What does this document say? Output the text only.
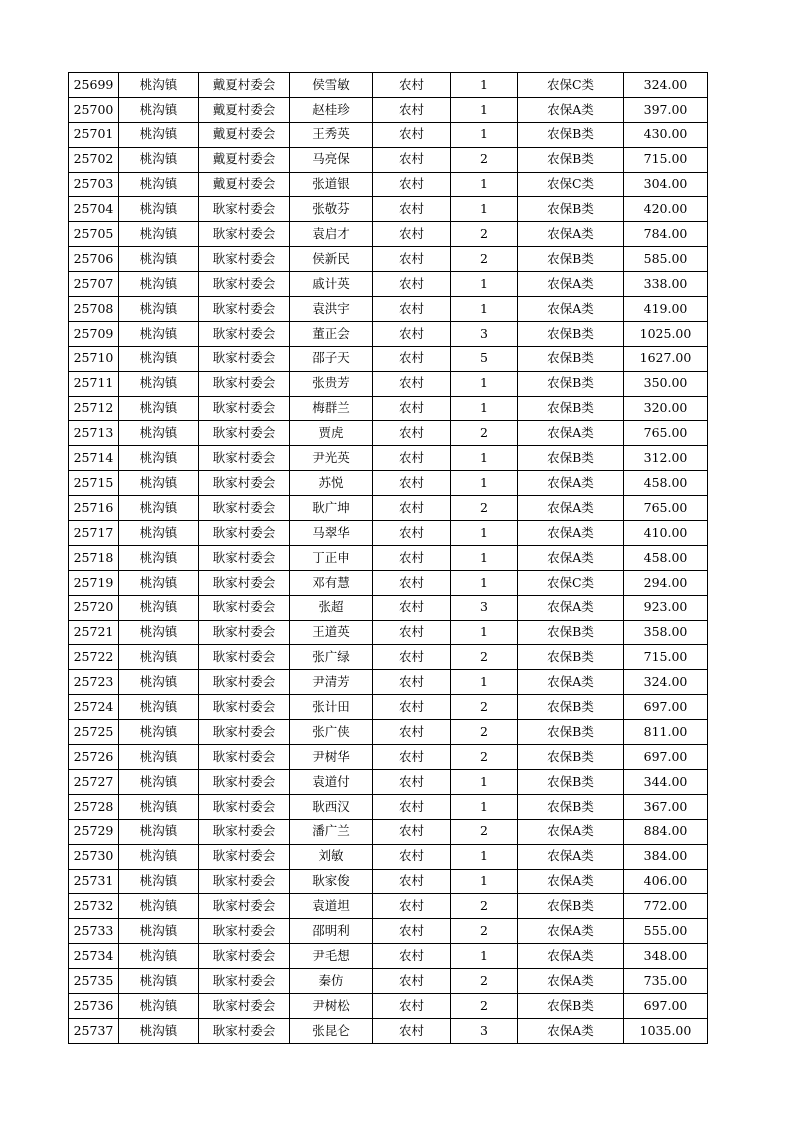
25699	桃沟镇	戴夏村委会	侯雪敏	农村	1	农保C类	324.00
25700	桃沟镇	戴夏村委会	赵桂珍	农村	1	农保A类	397.00
25701	桃沟镇	戴夏村委会	王秀英	农村	1	农保B类	430.00
25702	桃沟镇	戴夏村委会	马亮保	农村	2	农保B类	715.00
25703	桃沟镇	戴夏村委会	张道银	农村	1	农保C类	304.00
25704	桃沟镇	耿家村委会	张敬芬	农村	1	农保B类	420.00
25705	桃沟镇	耿家村委会	袁启才	农村	2	农保A类	784.00
25706	桃沟镇	耿家村委会	侯新民	农村	2	农保B类	585.00
25707	桃沟镇	耿家村委会	戚计英	农村	1	农保A类	338.00
25708	桃沟镇	耿家村委会	袁洪宇	农村	1	农保A类	419.00
25709	桃沟镇	耿家村委会	董正会	农村	3	农保B类	1025.00
25710	桃沟镇	耿家村委会	邵子天	农村	5	农保B类	1627.00
25711	桃沟镇	耿家村委会	张贵芳	农村	1	农保B类	350.00
25712	桃沟镇	耿家村委会	梅群兰	农村	1	农保B类	320.00
25713	桃沟镇	耿家村委会	贾虎	农村	2	农保A类	765.00
25714	桃沟镇	耿家村委会	尹光英	农村	1	农保B类	312.00
25715	桃沟镇	耿家村委会	苏悦	农村	1	农保A类	458.00
25716	桃沟镇	耿家村委会	耿广坤	农村	2	农保A类	765.00
25717	桃沟镇	耿家村委会	马翠华	农村	1	农保A类	410.00
25718	桃沟镇	耿家村委会	丁正申	农村	1	农保A类	458.00
25719	桃沟镇	耿家村委会	邓有慧	农村	1	农保C类	294.00
25720	桃沟镇	耿家村委会	张超	农村	3	农保A类	923.00
25721	桃沟镇	耿家村委会	王道英	农村	1	农保B类	358.00
25722	桃沟镇	耿家村委会	张广绿	农村	2	农保B类	715.00
25723	桃沟镇	耿家村委会	尹清芳	农村	1	农保A类	324.00
25724	桃沟镇	耿家村委会	张计田	农村	2	农保B类	697.00
25725	桃沟镇	耿家村委会	张广侠	农村	2	农保B类	811.00
25726	桃沟镇	耿家村委会	尹树华	农村	2	农保B类	697.00
25727	桃沟镇	耿家村委会	袁道付	农村	1	农保B类	344.00
25728	桃沟镇	耿家村委会	耿西汉	农村	1	农保B类	367.00
25729	桃沟镇	耿家村委会	潘广兰	农村	2	农保A类	884.00
25730	桃沟镇	耿家村委会	刘敏	农村	1	农保A类	384.00
25731	桃沟镇	耿家村委会	耿家俊	农村	1	农保A类	406.00
25732	桃沟镇	耿家村委会	袁道坦	农村	2	农保B类	772.00
25733	桃沟镇	耿家村委会	邵明利	农村	2	农保A类	555.00
25734	桃沟镇	耿家村委会	尹毛想	农村	1	农保A类	348.00
25735	桃沟镇	耿家村委会	秦仿	农村	2	农保A类	735.00
25736	桃沟镇	耿家村委会	尹树松	农村	2	农保B类	697.00
25737	桃沟镇	耿家村委会	张昆仑	农村	3	农保A类	1035.00
